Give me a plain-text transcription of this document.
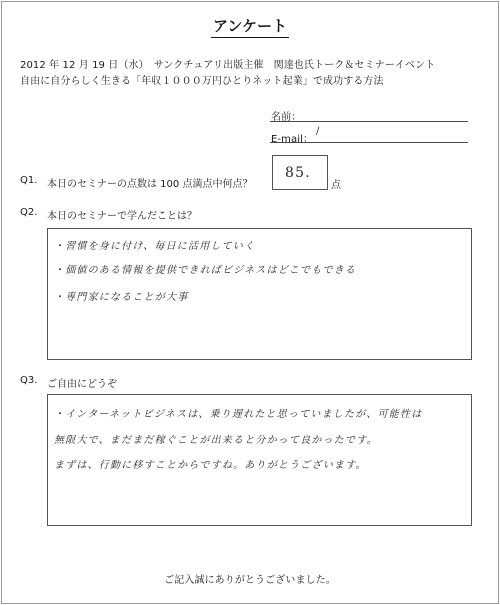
アンケート
2012 年 12 月 19 日（水）　サンクチュアリ出版主催　関達也氏トーク＆セミナーイベント
自由に自分らしく生きる「年収１０００万円ひとりネット起業」で成功する方法
名前：
E-mail：
/
Q1. 本日のセミナーの点数は 100 点満点中何点？
85.
点
Q2. 本日のセミナーで学んだことは？
・習慣を身に付け、毎日に活用していく
・価値のある情報を提供できればビジネスはどこでもできる
・専門家になることが大事
Q3. ご自由にどうぞ
・インターネットビジネスは、乗り遅れたと思っていましたが、可能性は
無限大で、まだまだ稼ぐことが出来ると分かって良かったです。
まずは、行動に移すことからですね。ありがとうございます。
ご記入誠にありがとうございました。
